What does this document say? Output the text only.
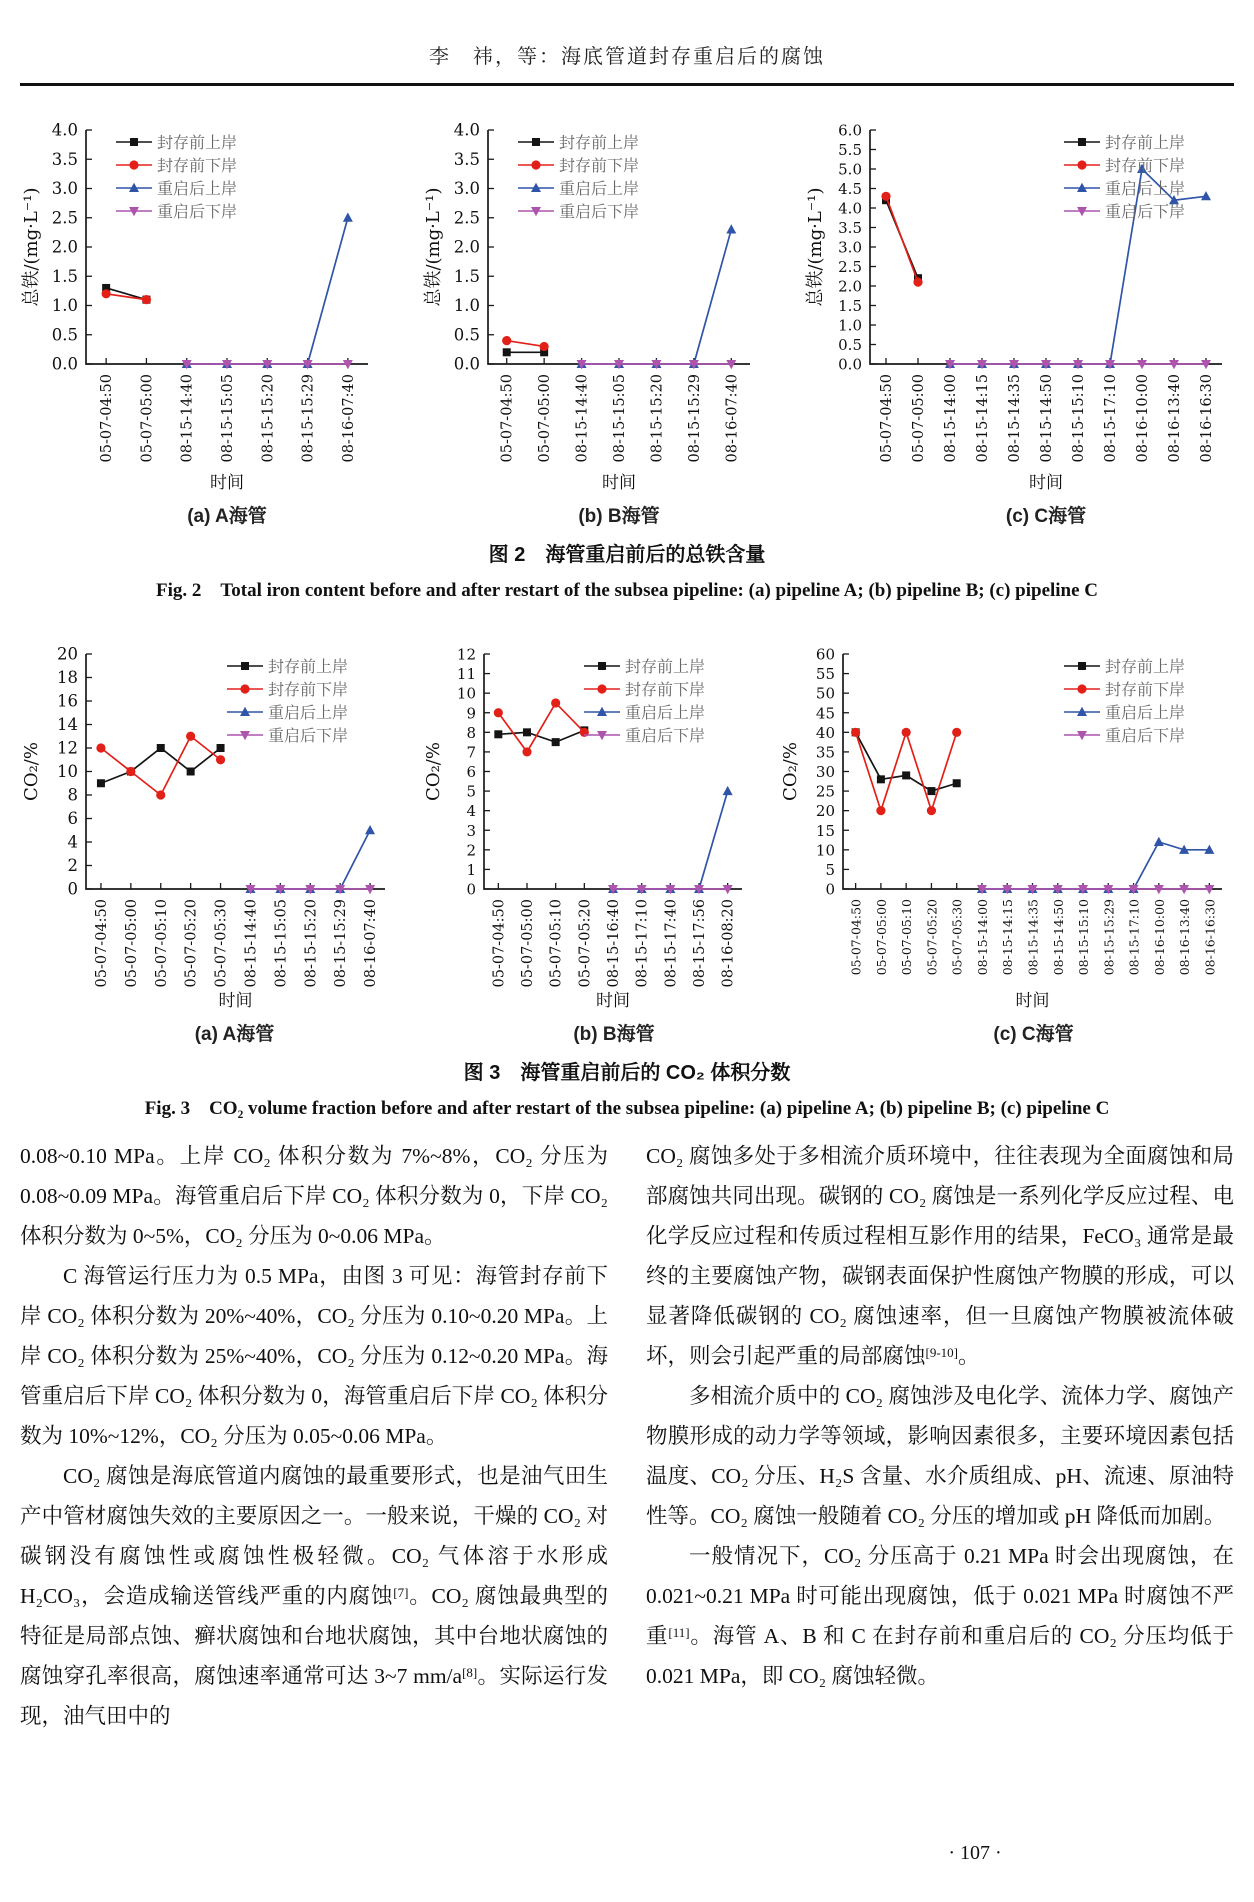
李　祎，等：海底管道封存重启后的腐蚀
0.0
0.5
1.0
1.5
2.0
2.5
3.0
3.5
4.0
05-07-04:50 05-07-05:00 08-15-14:40 08-15-15:05 08-15-15:20 08-15-15:29 08-16-07:40
总铁/(mg·L⁻¹)
时间
封存前上岸
封存前下岸
重启后上岸
重启后下岸
(a) A海管
0.0
0.5
1.0
1.5
2.0
2.5
3.0
3.5
4.0
05-07-04:50 05-07-05:00 08-15-14:40 08-15-15:05 08-15-15:20 08-15-15:29 08-16-07:40
总铁/(mg·L⁻¹)
时间
封存前上岸
封存前下岸
重启后上岸
重启后下岸
(b) B海管
0.0
0.5
1.0
1.5
2.0
2.5
3.0
3.5
4.0
4.5
5.0
5.5
6.0
05-07-04:50 05-07-05:00 08-15-14:00 08-15-14:15 08-15-14:35 08-15-14:50 08-15-15:10 08-15-17:10 08-16-10:00 08-16-13:40 08-16-16:30
总铁/(mg·L⁻¹)
时间
封存前上岸
封存前下岸
重启后上岸
重启后下岸
(c) C海管
图 2　海管重启前后的总铁含量
Fig. 2　Total iron content before and after restart of the subsea pipeline: (a) pipeline A; (b) pipeline B; (c) pipeline C
0
2
4
6
8
10
12
14
16
18
20
05-07-04:50 05-07-05:00 05-07-05:10 05-07-05:20 05-07-05:30 08-15-14:40 08-15-15:05 08-15-15:20 08-15-15:29 08-16-07:40
CO₂/%
时间
封存前上岸
封存前下岸
重启后上岸
重启后下岸
(a) A海管
0
1
2
3
4
5
6
7
8
9
10
11
12
05-07-04:50 05-07-05:00 05-07-05:10 05-07-05:20 08-15-16:40 08-15-17:10 08-15-17:40 08-15-17:56 08-16-08:20
CO₂/%
时间
封存前上岸
封存前下岸
重启后上岸
重启后下岸
(b) B海管
0
5
10
15
20
25
30
35
40
45
50
55
60
05-07-04:50 05-07-05:00 05-07-05:10 05-07-05:20 05-07-05:30 08-15-14:00 08-15-14:15 08-15-14:35 08-15-14:50 08-15-15:10 08-15-15:29 08-15-17:10 08-16-10:00 08-16-13:40 08-16-16:30
CO₂/%
时间
封存前上岸
封存前下岸
重启后上岸
重启后下岸
(c) C海管
图 3　海管重启前后的 CO₂ 体积分数
Fig. 3　CO₂ volume fraction before and after restart of the subsea pipeline: (a) pipeline A; (b) pipeline B; (c) pipeline C

0.08~0.10 MPa。上岸 CO₂ 体积分数为 7%~8%，CO₂ 分压为 0.08~0.09 MPa。海管重启后下岸 CO₂ 体积分数为 0，下岸 CO₂ 体积分数为 0~5%，CO₂ 分压为 0~0.06 MPa。

C 海管运行压力为 0.5 MPa，由图 3 可见：海管封存前下岸 CO₂ 体积分数为 20%~40%，CO₂ 分压为 0.10~0.20 MPa。上岸 CO₂ 体积分数为 25%~40%，CO₂ 分压为 0.12~0.20 MPa。海管重启后下岸 CO₂ 体积分数为 0，海管重启后下岸 CO₂ 体积分数为 10%~12%，CO₂ 分压为 0.05~0.06 MPa。

CO₂ 腐蚀是海底管道内腐蚀的最重要形式，也是油气田生产中管材腐蚀失效的主要原因之一。一般来说，干燥的 CO₂ 对碳钢没有腐蚀性或腐蚀性极轻微。CO₂ 气体溶于水形成 H₂CO₃，会造成输送管线严重的内腐蚀[7]。CO₂ 腐蚀最典型的特征是局部点蚀、癣状腐蚀和台地状腐蚀，其中台地状腐蚀的腐蚀穿孔率很高，腐蚀速率通常可达 3~7 mm/a[8]。实际运行发现，油气田中的

CO₂ 腐蚀多处于多相流介质环境中，往往表现为全面腐蚀和局部腐蚀共同出现。碳钢的 CO₂ 腐蚀是一系列化学反应过程、电化学反应过程和传质过程相互影作用的结果，FeCO₃ 通常是最终的主要腐蚀产物，碳钢表面保护性腐蚀产物膜的形成，可以显著降低碳钢的 CO₂ 腐蚀速率，但一旦腐蚀产物膜被流体破坏，则会引起严重的局部腐蚀[9-10]。

多相流介质中的 CO₂ 腐蚀涉及电化学、流体力学、腐蚀产物膜形成的动力学等领域，影响因素很多，主要环境因素包括温度、CO₂ 分压、H₂S 含量、水介质组成、pH、流速、原油特性等。CO₂ 腐蚀一般随着 CO₂ 分压的增加或 pH 降低而加剧。

一般情况下，CO₂ 分压高于 0.21 MPa 时会出现腐蚀，在 0.021~0.21 MPa 时可能出现腐蚀，低于 0.021 MPa 时腐蚀不严重[11]。海管 A、B 和 C 在封存前和重启后的 CO₂ 分压均低于 0.021 MPa，即 CO₂ 腐蚀轻微。

· 107 ·
